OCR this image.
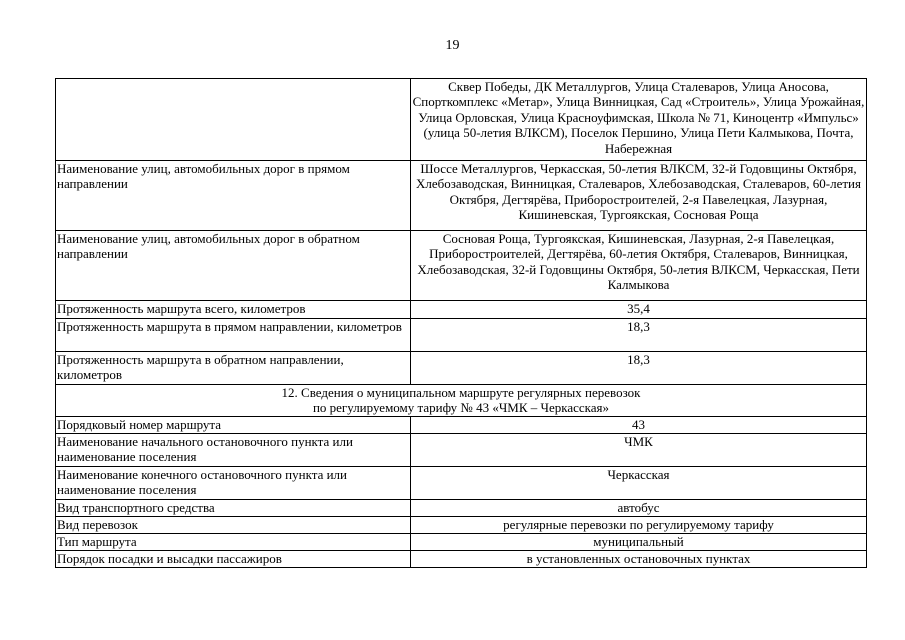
19
	Сквер Победы, ДК Металлургов, Улица Сталеваров, Улица Аносова, Спорткомплекс «Метар», Улица Винницкая, Сад «Строитель», Улица Урожайная, Улица Орловская, Улица Красноуфимская, Школа № 71, Киноцентр «Импульс» (улица 50-летия ВЛКСМ), Поселок Першино, Улица Пети Калмыкова, Почта, Набережная
Наименование улиц, автомобильных дорог в прямом направлении	Шоссе Металлургов, Черкасская, 50-летия ВЛКСМ, 32-й Годовщины Октября, Хлебозаводская, Винницкая, Сталеваров, Хлебозаводская, Сталеваров, 60-летия Октября, Дегтярёва, Приборостроителей, 2-я Павелецкая, Лазурная, Кишиневская, Тургоякская, Сосновая Роща
Наименование улиц, автомобильных дорог в обратном направлении	Сосновая Роща, Тургоякская, Кишиневская, Лазурная, 2-я Павелецкая, Приборостроителей, Дегтярёва, 60-летия Октября, Сталеваров, Винницкая, Хлебозаводская, 32-й Годовщины Октября, 50-летия ВЛКСМ, Черкасская, Пети Калмыкова
Протяженность маршрута всего, километров	35,4
Протяженность маршрута в прямом направлении, километров	18,3
Протяженность маршрута в обратном направлении, километров	18,3

12. Сведения о муниципальном маршруте регулярных перевозок
по регулируемому тарифу № 43 «ЧМК – Черкасская»	

Порядковый номер маршрута	43
Наименование начального остановочного пункта или наименование поселения	ЧМК
Наименование конечного остановочного пункта или наименование поселения	Черкасская
Вид транспортного средства	автобус
Вид перевозок	регулярные перевозки по регулируемому тарифу
Тип маршрута	муниципальный
Порядок посадки и высадки пассажиров	в установленных остановочных пунктах
